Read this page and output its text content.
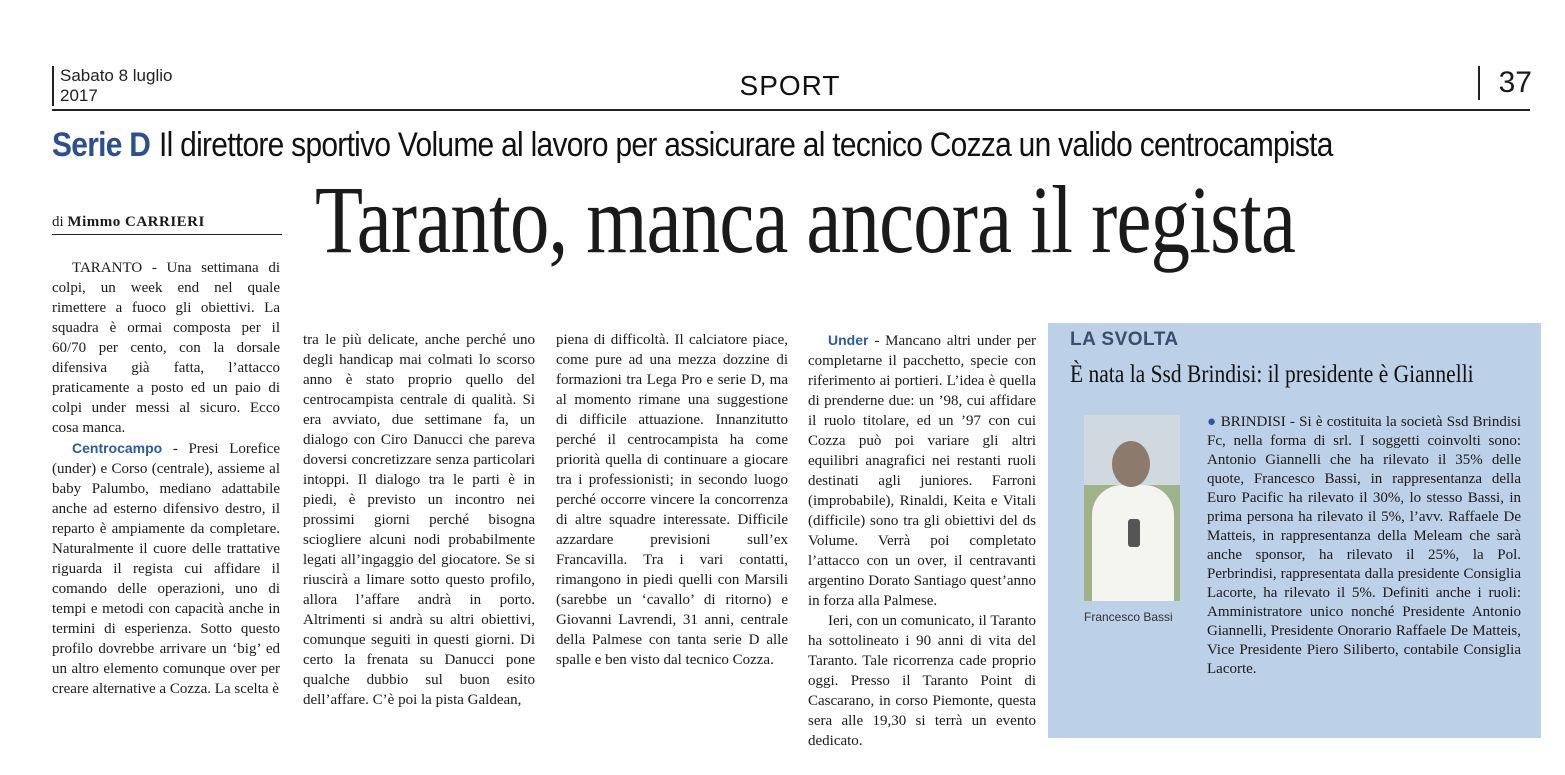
Sabato 8 luglio
2017	SPORT	37
Serie D Il direttore sportivo Volume al lavoro per assicurare al tecnico Cozza un valido centrocampista
Taranto, manca ancora il regista
di Mimmo CARRIERI

TARANTO - Una settimana di colpi, un week end nel quale rimettere a fuoco gli obiettivi. La squadra è ormai composta per il 60/70 per cento, con la dorsale difensiva già fatta, l’attacco praticamente a posto ed un paio di colpi under messi al sicuro. Ecco cosa manca.

Centrocampo - Presi Lorefice (under) e Corso (centrale), assieme al baby Palumbo, mediano adattabile anche ad esterno difensivo destro, il reparto è ampiamente da completare. Naturalmente il cuore delle trattative riguarda il regista cui affidare il comando delle operazioni, uno di tempi e metodi con capacità anche in termini di esperienza. Sotto questo profilo dovrebbe arrivare un ‘big’ ed un altro elemento comunque over per creare alternative a Cozza. La scelta è

tra le più delicate, anche perché uno degli handicap mai colmati lo scorso anno è stato proprio quello del centrocampista centrale di qualità. Si era avviato, due settimane fa, un dialogo con Ciro Danucci che pareva doversi concretizzare senza particolari intoppi. Il dialogo tra le parti è in piedi, è previsto un incontro nei prossimi giorni perché bisogna sciogliere alcuni nodi probabilmente legati all’ingaggio del giocatore. Se si riuscirà a limare sotto questo profilo, allora l’affare andrà in porto. Altrimenti si andrà su altri obiettivi, comunque seguiti in questi giorni. Di certo la frenata su Danucci pone qualche dubbio sul buon esito dell’affare. C’è poi la pista Galdean,

piena di difficoltà. Il calciatore piace, come pure ad una mezza dozzine di formazioni tra Lega Pro e serie D, ma al momento rimane una suggestione di difficile attuazione. Innanzitutto perché il centrocampista ha come priorità quella di continuare a giocare tra i professionisti; in secondo luogo perché occorre vincere la concorrenza di altre squadre interessate. Difficile azzardare previsioni sull’ex Francavilla. Tra i vari contatti, rimangono in piedi quelli con Marsili (sarebbe un ‘cavallo’ di ritorno) e Giovanni Lavrendi, 31 anni, centrale della Palmese con tanta serie D alle spalle e ben visto dal tecnico Cozza.

Under - Mancano altri under per completarne il pacchetto, specie con riferimento ai portieri. L’idea è quella di prenderne due: un ’98, cui affidare il ruolo titolare, ed un ’97 con cui Cozza può poi variare gli altri equilibri anagrafici nei restanti ruoli destinati agli juniores. Farroni (improbabile), Rinaldi, Keita e Vitali (difficile) sono tra gli obiettivi del ds Volume. Verrà poi completato l’attacco con un over, il centravanti argentino Dorato Santiago quest’anno in forza alla Palmese.

Ieri, con un comunicato, il Taranto ha sottolineato i 90 anni di vita del Taranto. Tale ricorrenza cade proprio oggi. Presso il Taranto Point di Cascarano, in corso Piemonte, questa sera alle 19,30 si terrà un evento dedicato.

LA SVOLTA
È nata la Ssd Brindisi: il presidente è Giannelli
Francesco Bassi
● BRINDISI - Si è costituita la società Ssd Brindisi Fc, nella forma di srl. I soggetti coinvolti sono: Antonio Giannelli che ha rilevato il 35% delle quote, Francesco Bassi, in rappresentanza della Euro Pacific ha rilevato il 30%, lo stesso Bassi, in prima persona ha rilevato il 5%, l’avv. Raffaele De Matteis, in rappresentanza della Meleam che sarà anche sponsor, ha rilevato il 25%, la Pol. Perbrindisi, rappresentata dalla presidente Consiglia Lacorte, ha rilevato il 5%. Definiti anche i ruoli: Amministratore unico nonché Presidente Antonio Giannelli, Presidente Onorario Raffaele De Matteis, Vice Presidente Piero Siliberto, contabile Consiglia Lacorte.
